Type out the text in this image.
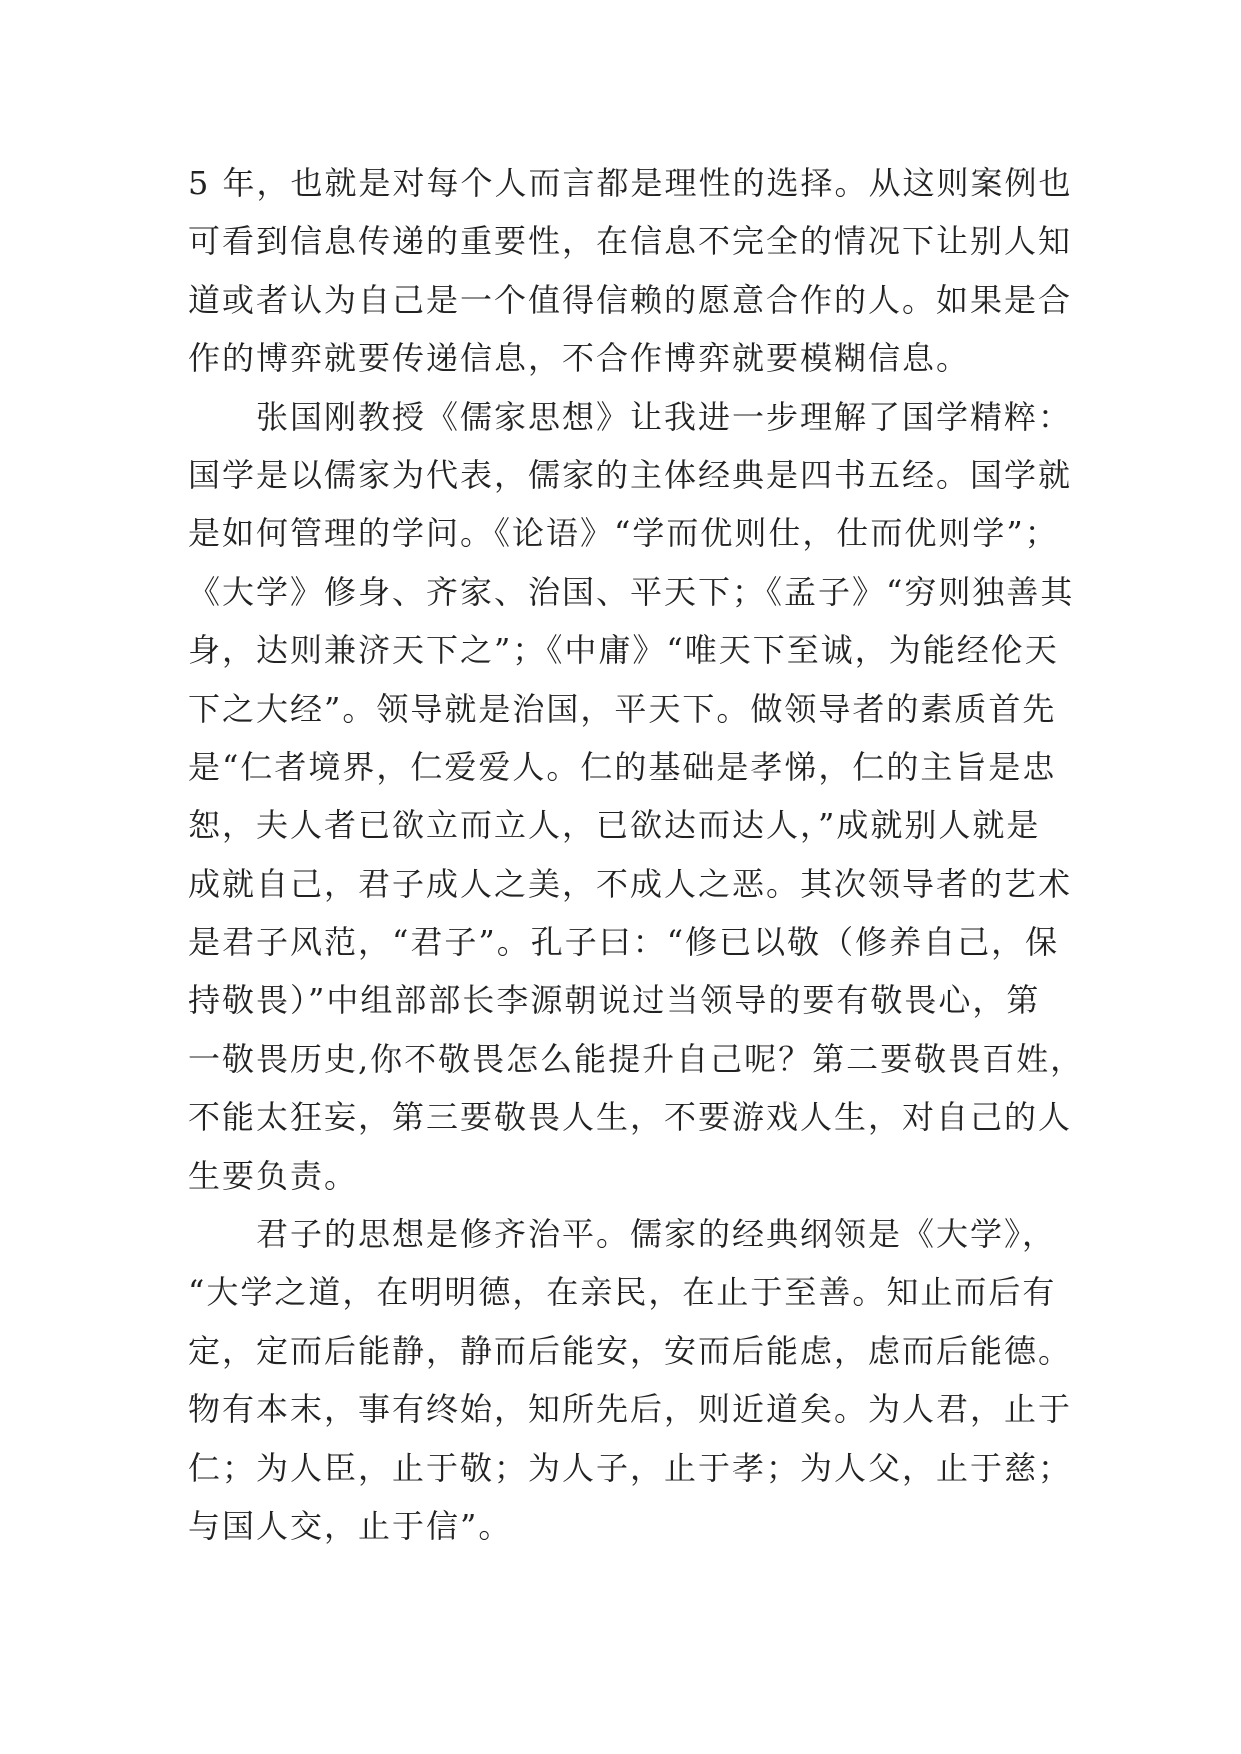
5 年，也就是对每个人而言都是理性的选择。从这则案例也
可看到信息传递的重要性，在信息不完全的情况下让别人知
道或者认为自己是一个值得信赖的愿意合作的人。如果是合
作的博弈就要传递信息，不合作博弈就要模糊信息。
张国刚教授《儒家思想》让我进一步理解了国学精粹：
国学是以儒家为代表，儒家的主体经典是四书五经。国学就
是如何管理的学问。《论语》“学而优则仕，仕而优则学”；
《大学》修身、齐家、治国、平天下；《孟子》“穷则独善其
身，达则兼济天下之”；《中庸》“唯天下至诚，为能经伦天
下之大经”。领导就是治国，平天下。做领导者的素质首先
是“仁者境界，仁爱爱人。仁的基础是孝悌，仁的主旨是忠
恕，夫人者已欲立而立人，已欲达而达人，”成就别人就是
成就自己，君子成人之美，不成人之恶。其次领导者的艺术
是君子风范，“君子”。孔子曰：“修已以敬（修养自己，保
持敬畏）”中组部部长李源朝说过当领导的要有敬畏心，第
一敬畏历史,你不敬畏怎么能提升自己呢？第二要敬畏百姓，
不能太狂妄，第三要敬畏人生，不要游戏人生，对自己的人
生要负责。
君子的思想是修齐治平。儒家的经典纲领是《大学》，
“大学之道，在明明德，在亲民，在止于至善。知止而后有
定，定而后能静，静而后能安，安而后能虑，虑而后能德。
物有本末，事有终始，知所先后，则近道矣。为人君，止于
仁；为人臣，止于敬；为人子，止于孝；为人父，止于慈；
与国人交，止于信”。
